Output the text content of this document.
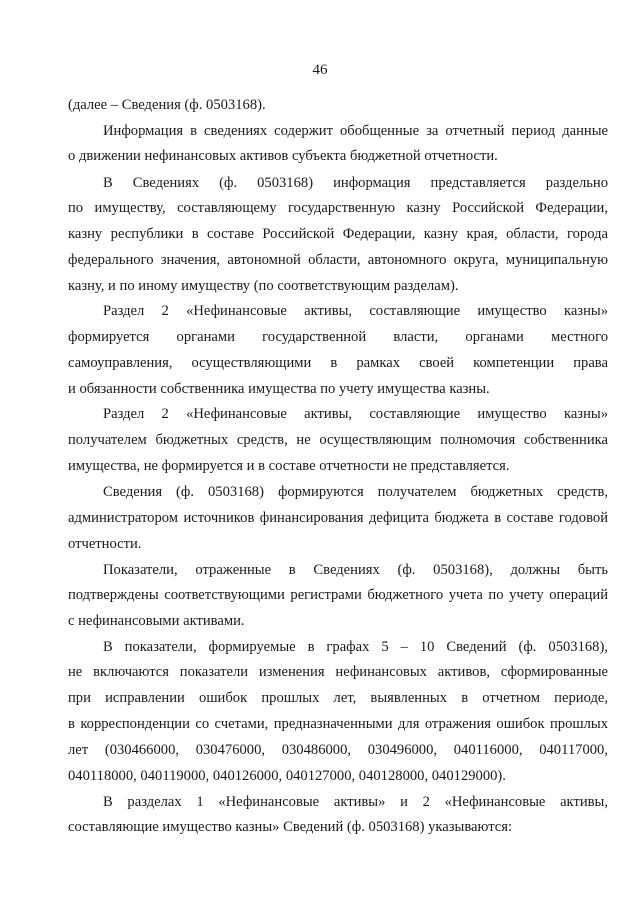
46
(далее – Сведения (ф. 0503168).
Информация в сведениях содержит обобщенные за отчетный период данные
о движении нефинансовых активов субъекта бюджетной отчетности.
В Сведениях (ф. 0503168) информация представляется раздельно
по имуществу, составляющему государственную казну Российской Федерации,
казну республики в составе Российской Федерации, казну края, области, города
федерального значения, автономной области, автономного округа, муниципальную
казну, и по иному имуществу (по соответствующим разделам).
Раздел 2 «Нефинансовые активы, составляющие имущество казны»
формируется органами государственной власти, органами местного
самоуправления, осуществляющими в рамках своей компетенции права
и обязанности собственника имущества по учету имущества казны.
Раздел 2 «Нефинансовые активы, составляющие имущество казны»
получателем бюджетных средств, не осуществляющим полномочия собственника
имущества, не формируется и в составе отчетности не представляется.
Сведения (ф. 0503168) формируются получателем бюджетных средств,
администратором источников финансирования дефицита бюджета в составе годовой
отчетности.
Показатели, отраженные в Сведениях (ф. 0503168), должны быть
подтверждены соответствующими регистрами бюджетного учета по учету операций
с нефинансовыми активами.
В показатели, формируемые в графах 5 – 10 Сведений (ф. 0503168),
не включаются показатели изменения нефинансовых активов, сформированные
при исправлении ошибок прошлых лет, выявленных в отчетном периоде,
в корреспонденции со счетами, предназначенными для отражения ошибок прошлых
лет (030466000, 030476000, 030486000, 030496000, 040116000, 040117000,
040118000, 040119000, 040126000, 040127000, 040128000, 040129000).
В разделах 1 «Нефинансовые активы» и 2 «Нефинансовые активы,
составляющие имущество казны» Сведений (ф. 0503168) указываются:
